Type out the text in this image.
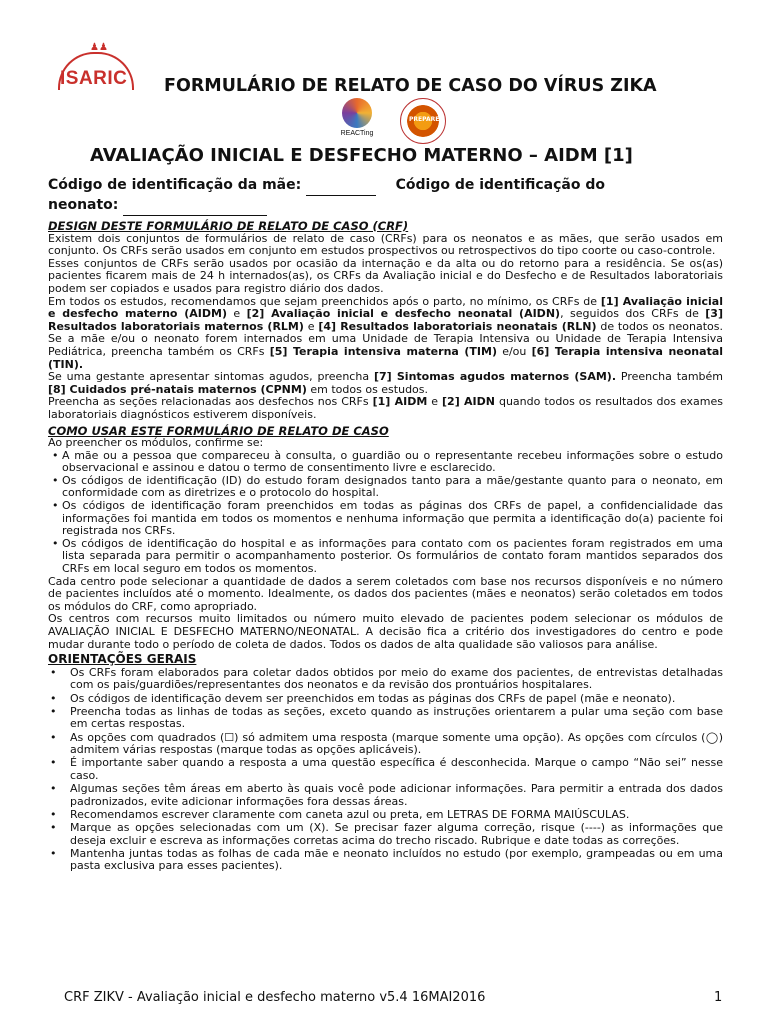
♟♟
ISARIC FORMULÁRIO DE RELATO DE CASO DO VÍRUS ZIKA
REACTing
PREPARE
AVALIAÇÃO INICIAL E DESFECHO MATERNO – AIDM [1]
Código de identificação da mãe:	Código de identificação do
neonato:

DESIGN DESTE FORMULÁRIO DE RELATO DE CASO (CRF)

Existem dois conjuntos de formulários de relato de caso (CRFs) para os neonatos e as mães, que serão usados em conjunto. Os CRFs serão usados em conjunto em estudos prospectivos ou retrospectivos do tipo coorte ou caso-controle.

Esses conjuntos de CRFs serão usados por ocasião da internação e da alta ou do retorno para a residência. Se os(as) pacientes ficarem mais de 24 h internados(as), os CRFs da Avaliação inicial e do Desfecho e de Resultados laboratoriais podem ser copiados e usados para registro diário dos dados.

Em todos os estudos, recomendamos que sejam preenchidos após o parto, no mínimo, os CRFs de [1] Avaliação inicial e desfecho materno (AIDM) e [2] Avaliação inicial e desfecho neonatal (AIDN), seguidos dos CRFs de [3] Resultados laboratoriais maternos (RLM) e [4] Resultados laboratoriais neonatais (RLN) de todos os neonatos. Se a mãe e/ou o neonato forem internados em uma Unidade de Terapia Intensiva ou Unidade de Terapia Intensiva Pediátrica, preencha também os CRFs [5] Terapia intensiva materna (TIM) e/ou [6] Terapia intensiva neonatal (TIN).

Se uma gestante apresentar sintomas agudos, preencha [7] Sintomas agudos maternos (SAM). Preencha também [8] Cuidados pré-natais maternos (CPNM) em todos os estudos.

Preencha as seções relacionadas aos desfechos nos CRFs [1] AIDM e [2] AIDN quando todos os resultados dos exames laboratoriais diagnósticos estiverem disponíveis.

COMO USAR ESTE FORMULÁRIO DE RELATO DE CASO

Ao preencher os módulos, confirme se:

• A mãe ou a pessoa que compareceu à consulta, o guardião ou o representante recebeu informações sobre o estudo observacional e assinou e datou o termo de consentimento livre e esclarecido.
• Os códigos de identificação (ID) do estudo foram designados tanto para a mãe/gestante quanto para o neonato, em conformidade com as diretrizes e o protocolo do hospital.
• Os códigos de identificação foram preenchidos em todas as páginas dos CRFs de papel, a confidencialidade das informações foi mantida em todos os momentos e nenhuma informação que permita a identificação do(a) paciente foi registrada nos CRFs.
• Os códigos de identificação do hospital e as informações para contato com os pacientes foram registrados em uma lista separada para permitir o acompanhamento posterior. Os formulários de contato foram mantidos separados dos CRFs em local seguro em todos os momentos.

Cada centro pode selecionar a quantidade de dados a serem coletados com base nos recursos disponíveis e no número de pacientes incluídos até o momento. Idealmente, os dados dos pacientes (mães e neonatos) serão coletados em todos os módulos do CRF, como apropriado.

Os centros com recursos muito limitados ou número muito elevado de pacientes podem selecionar os módulos de AVALIAÇÃO INICIAL E DESFECHO MATERNO/NEONATAL. A decisão fica a critério dos investigadores do centro e pode mudar durante todo o período de coleta de dados. Todos os dados de alta qualidade são valiosos para análise.

ORIENTAÇÕES GERAIS

• Os CRFs foram elaborados para coletar dados obtidos por meio do exame dos pacientes, de entrevistas detalhadas com os pais/guardiões/representantes dos neonatos e da revisão dos prontuários hospitalares.
• Os códigos de identificação devem ser preenchidos em todas as páginas dos CRFs de papel (mãe e neonato).
• Preencha todas as linhas de todas as seções, exceto quando as instruções orientarem a pular uma seção com base em certas respostas.
• As opções com quadrados (☐) só admitem uma resposta (marque somente uma opção). As opções com círculos (◯) admitem várias respostas (marque todas as opções aplicáveis).
• É importante saber quando a resposta a uma questão específica é desconhecida. Marque o campo “Não sei” nesse caso.
• Algumas seções têm áreas em aberto às quais você pode adicionar informações. Para permitir a entrada dos dados padronizados, evite adicionar informações fora dessas áreas.
• Recomendamos escrever claramente com caneta azul ou preta, em LETRAS DE FORMA MAIÚSCULAS.
• Marque as opções selecionadas com um (X). Se precisar fazer alguma correção, risque (----) as informações que deseja excluir e escreva as informações corretas acima do trecho riscado. Rubrique e date todas as correções.
• Mantenha juntas todas as folhas de cada mãe e neonato incluídos no estudo (por exemplo, grampeadas ou em uma pasta exclusiva para esses pacientes).
CRF ZIKV - Avaliação inicial e desfecho materno v5.4 16MAI2016	1
